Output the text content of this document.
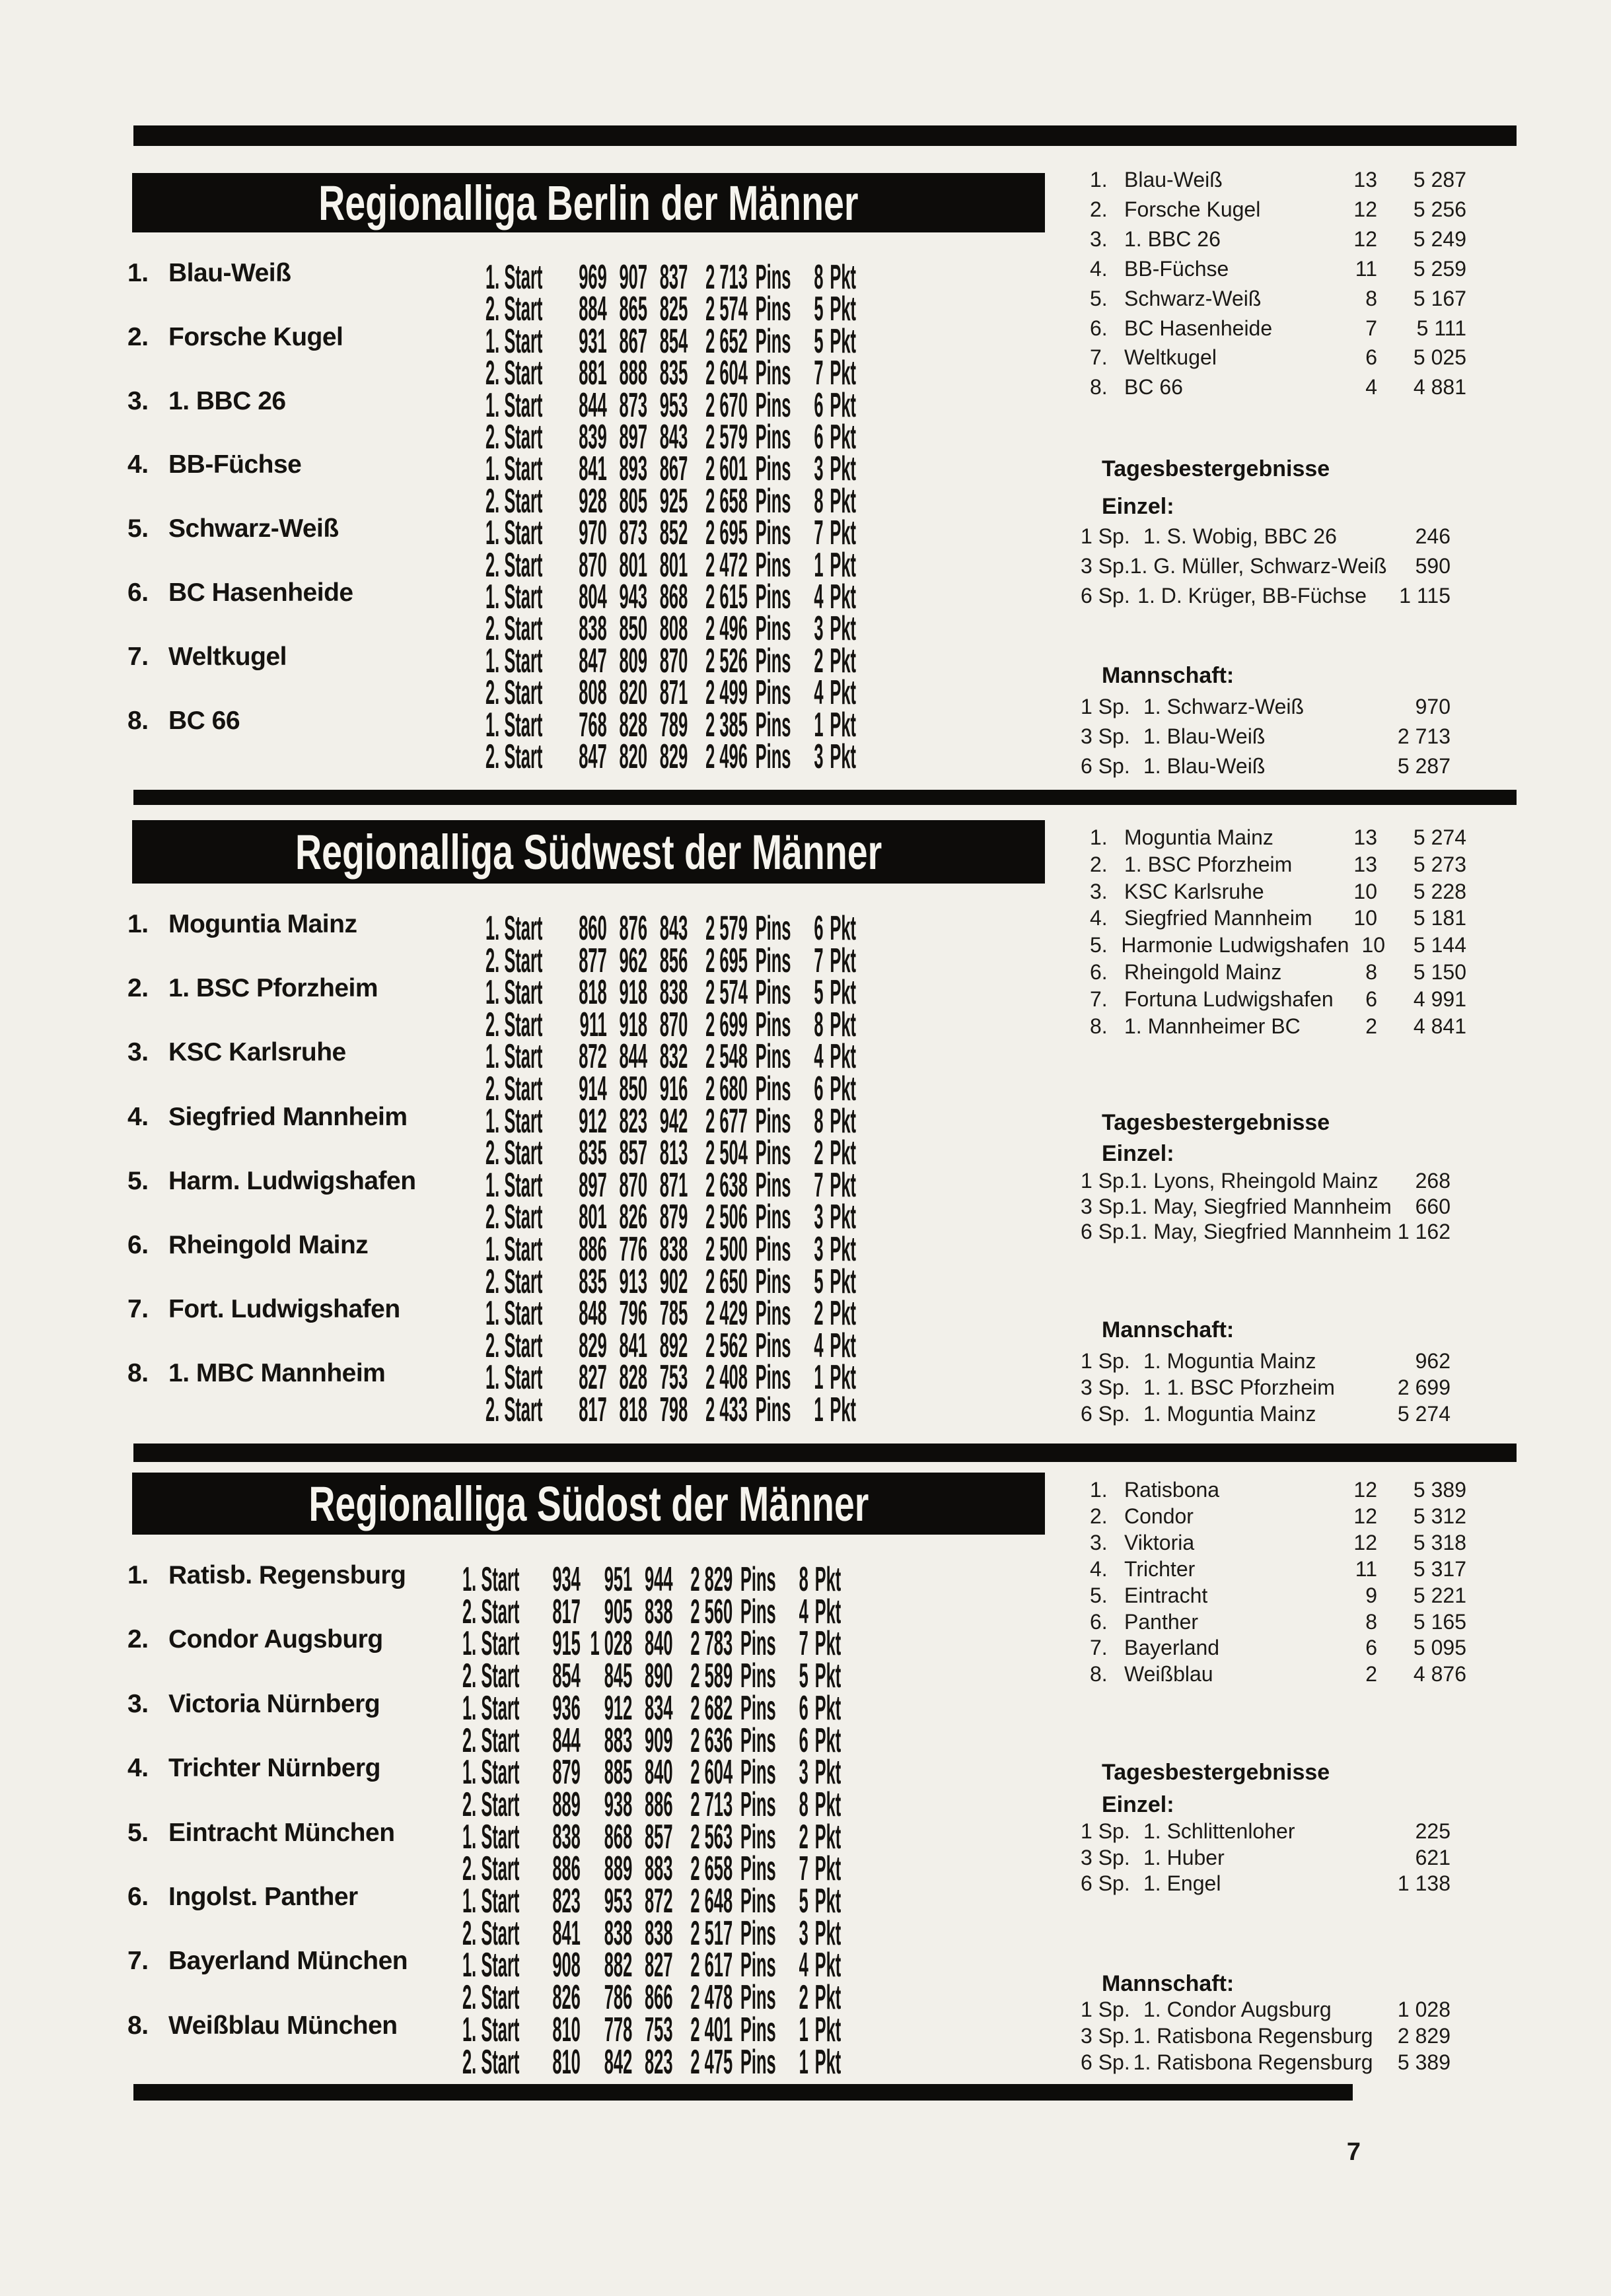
Regionalliga Berlin der Männer
Regionalliga Südwest der Männer
Regionalliga Südost der Männer
7
1. Blau-Weiß	1. Start	969 907 837 2 713 Pins 8 Pkt
2. Start	884 865 825 2 574 Pins 5 Pkt
2. Forsche Kugel	1. Start	931 867 854 2 652 Pins 5 Pkt
2. Start	881 888 835 2 604 Pins 7 Pkt
3. 1. BBC 26	1. Start	844 873 953 2 670 Pins 6 Pkt
2. Start	839 897 843 2 579 Pins 6 Pkt
4. BB-Füchse	1. Start	841 893 867 2 601 Pins 3 Pkt
2. Start	928 805 925 2 658 Pins 8 Pkt
5. Schwarz-Weiß	1. Start	970 873 852 2 695 Pins 7 Pkt
2. Start	870 801 801 2 472 Pins 1 Pkt
6. BC Hasenheide	1. Start	804 943 868 2 615 Pins 4 Pkt
2. Start	838 850 808 2 496 Pins 3 Pkt
7. Weltkugel	1. Start	847 809 870 2 526 Pins 2 Pkt
2. Start	808 820 871 2 499 Pins 4 Pkt
8. BC 66	1. Start	768 828 789 2 385 Pins 1 Pkt
2. Start	847 820 829 2 496 Pins 3 Pkt
1. Blau-Weiß	13	5 287
2. Forsche Kugel	12	5 256
3. 1. BBC 26	12	5 249
4. BB-Füchse	11	5 259
5. Schwarz-Weiß	8	5 167
6. BC Hasenheide	7	5 111
7. Weltkugel	6	5 025
8. BC 66	4	4 881
Tagesbestergebnisse
Einzel:
1 Sp. 1. S. Wobig, BBC 26	246
3 Sp. 1. G. Müller, Schwarz-Weiß	590
6 Sp. 1. D. Krüger, BB-Füchse	1 115
Mannschaft:
1 Sp. 1. Schwarz-Weiß	970
3 Sp. 1. Blau-Weiß	2 713
6 Sp. 1. Blau-Weiß	5 287
1. Moguntia Mainz	1. Start	860 876 843 2 579 Pins 6 Pkt
2. Start	877 962 856 2 695 Pins 7 Pkt
2. 1. BSC Pforzheim	1. Start	818 918 838 2 574 Pins 5 Pkt
2. Start	911 918 870 2 699 Pins 8 Pkt
3. KSC Karlsruhe	1. Start	872 844 832 2 548 Pins 4 Pkt
2. Start	914 850 916 2 680 Pins 6 Pkt
4. Siegfried Mannheim 1. Start	912 823 942 2 677 Pins 8 Pkt
2. Start	835 857 813 2 504 Pins 2 Pkt
5. Harm. Ludwigshafen 1. Start	897 870 871 2 638 Pins 7 Pkt
2. Start	801 826 879 2 506 Pins 3 Pkt
6. Rheingold Mainz	1. Start	886 776 838 2 500 Pins 3 Pkt
2. Start	835 913 902 2 650 Pins 5 Pkt
7. Fort. Ludwigshafen 1. Start	848 796 785 2 429 Pins 2 Pkt
2. Start	829 841 892 2 562 Pins 4 Pkt
8. 1. MBC Mannheim	1. Start	827 828 753 2 408 Pins 1 Pkt
2. Start	817 818 798 2 433 Pins 1 Pkt
1. Moguntia Mainz	13	5 274
2. 1. BSC Pforzheim	13	5 273
3. KSC Karlsruhe	10	5 228
4. Siegfried Mannheim	10	5 181
5. Harmonie Ludwigshafen 10	5 144
6. Rheingold Mainz	8	5 150
7. Fortuna Ludwigshafen	6	4 991
8. 1. Mannheimer BC	2	4 841
Tagesbestergebnisse
Einzel:
1 Sp. 1. Lyons, Rheingold Mainz	268
3 Sp. 1. May, Siegfried Mannheim	660
6 Sp. 1. May, Siegfried Mannheim 1 162
Mannschaft:
1 Sp. 1. Moguntia Mainz	962
3 Sp. 1. 1. BSC Pforzheim	2 699
6 Sp. 1. Moguntia Mainz	5 274
1. Ratisb. Regensburg 1. Start 934 951 944 2 829 Pins 8 Pkt
2. Start 817 905 838 2 560 Pins 4 Pkt
2. Condor Augsburg 1. Start 915 1 028 840 2 783 Pins 7 Pkt
2. Start 854 845 890 2 589 Pins 5 Pkt
3. Victoria Nürnberg 1. Start 936 912 834 2 682 Pins 6 Pkt
2. Start 844 883 909 2 636 Pins 6 Pkt
4. Trichter Nürnberg 1. Start 879 885 840 2 604 Pins 3 Pkt
2. Start 889 938 886 2 713 Pins 8 Pkt
5. Eintracht München 1. Start 838 868 857 2 563 Pins 2 Pkt
2. Start 886 889 883 2 658 Pins 7 Pkt
6. Ingolst. Panther	1. Start 823 953 872 2 648 Pins 5 Pkt
2. Start 841 838 838 2 517 Pins 3 Pkt
7. Bayerland München 1. Start 908 882 827 2 617 Pins 4 Pkt
2. Start 826 786 866 2 478 Pins 2 Pkt
8. Weißblau München 1. Start 810 778 753 2 401 Pins 1 Pkt
2. Start 810 842 823 2 475 Pins 1 Pkt
1. Ratisbona	12	5 389
2. Condor	12	5 312
3. Viktoria	12	5 318
4. Trichter	11	5 317
5. Eintracht	9	5 221
6. Panther	8	5 165
7. Bayerland	6	5 095
8. Weißblau	2	4 876
Tagesbestergebnisse
Einzel:
1 Sp. 1. Schlittenloher	225
3 Sp. 1. Huber	621
6 Sp. 1. Engel	1 138
Mannschaft:
1 Sp. 1. Condor Augsburg	1 028
3 Sp. 1. Ratisbona Regensburg	2 829
6 Sp. 1. Ratisbona Regensburg	5 389
